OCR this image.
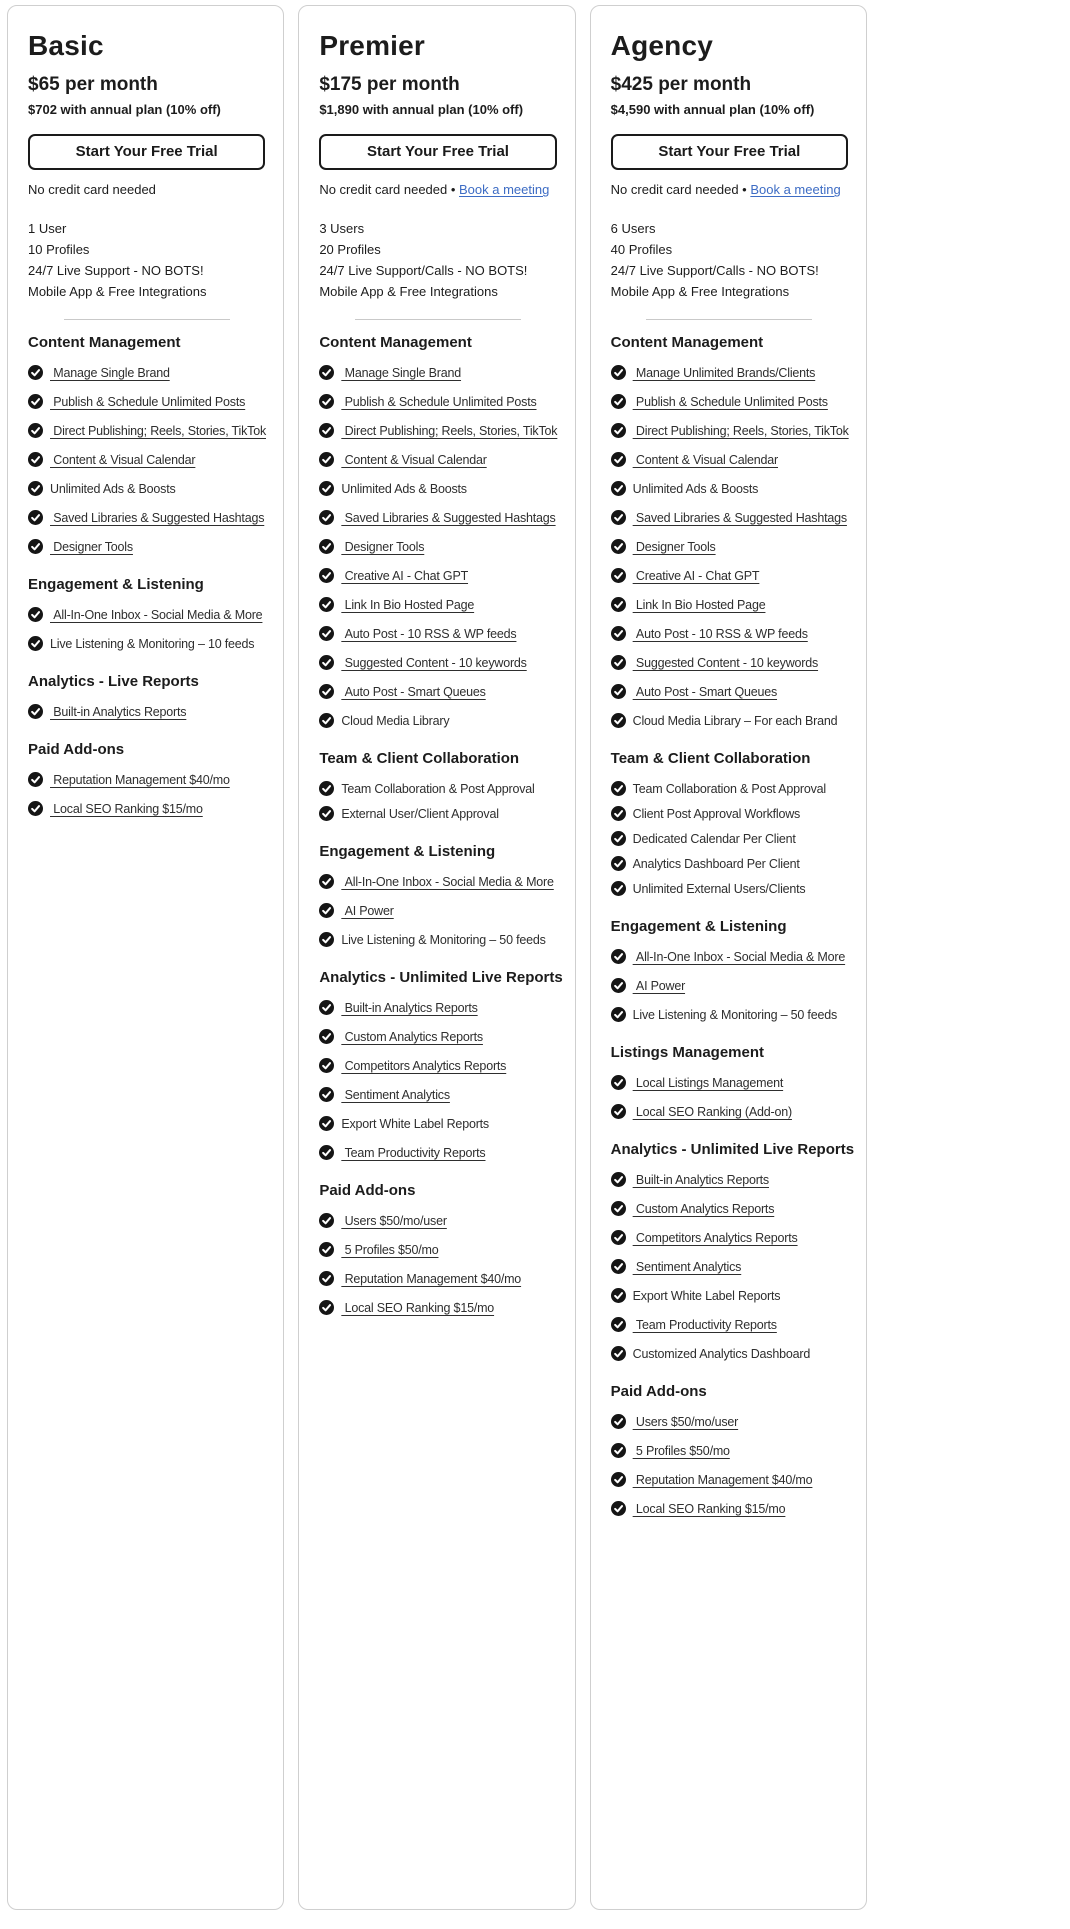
Basic
$65 per month
$702 with annual plan (10% off)
Start Your Free Trial
No credit card needed
1 User
10 Profiles
24/7 Live Support - NO BOTS!
Mobile App & Free Integrations
Content Management
Manage Single Brand
Publish & Schedule Unlimited Posts
Direct Publishing; Reels, Stories, TikTok
Content & Visual Calendar
Unlimited Ads & Boosts
Saved Libraries & Suggested Hashtags
Designer Tools
Engagement & Listening
All-In-One Inbox - Social Media & More
Live Listening & Monitoring – 10 feeds
Analytics - Live Reports
Built-in Analytics Reports
Paid Add-ons
Reputation Management $40/mo
Local SEO Ranking $15/mo
Premier
$175 per month
$1,890 with annual plan (10% off)
Start Your Free Trial
No credit card needed • Book a meeting
3 Users
20 Profiles
24/7 Live Support/Calls - NO BOTS!
Mobile App & Free Integrations
Content Management
Manage Single Brand
Publish & Schedule Unlimited Posts
Direct Publishing; Reels, Stories, TikTok
Content & Visual Calendar
Unlimited Ads & Boosts
Saved Libraries & Suggested Hashtags
Designer Tools
Creative AI - Chat GPT
Link In Bio Hosted Page
Auto Post - 10 RSS & WP feeds
Suggested Content - 10 keywords
Auto Post - Smart Queues
Cloud Media Library
Team & Client Collaboration
Team Collaboration & Post Approval
External User/Client Approval
Engagement & Listening
All-In-One Inbox - Social Media & More
AI Power
Live Listening & Monitoring – 50 feeds
Analytics - Unlimited Live Reports
Built-in Analytics Reports
Custom Analytics Reports
Competitors Analytics Reports
Sentiment Analytics
Export White Label Reports
Team Productivity Reports
Paid Add-ons
Users $50/mo/user
5 Profiles $50/mo
Reputation Management $40/mo
Local SEO Ranking $15/mo
Agency
$425 per month
$4,590 with annual plan (10% off)
Start Your Free Trial
No credit card needed • Book a meeting
6 Users
40 Profiles
24/7 Live Support/Calls - NO BOTS!
Mobile App & Free Integrations
Content Management
Manage Unlimited Brands/Clients
Publish & Schedule Unlimited Posts
Direct Publishing; Reels, Stories, TikTok
Content & Visual Calendar
Unlimited Ads & Boosts
Saved Libraries & Suggested Hashtags
Designer Tools
Creative AI - Chat GPT
Link In Bio Hosted Page
Auto Post - 10 RSS & WP feeds
Suggested Content - 10 keywords
Auto Post - Smart Queues
Cloud Media Library – For each Brand
Team & Client Collaboration
Team Collaboration & Post Approval
Client Post Approval Workflows
Dedicated Calendar Per Client
Analytics Dashboard Per Client
Unlimited External Users/Clients
Engagement & Listening
All-In-One Inbox - Social Media & More
AI Power
Live Listening & Monitoring – 50 feeds
Listings Management
Local Listings Management
Local SEO Ranking (Add-on)
Analytics - Unlimited Live Reports
Built-in Analytics Reports
Custom Analytics Reports
Competitors Analytics Reports
Sentiment Analytics
Export White Label Reports
Team Productivity Reports
Customized Analytics Dashboard
Paid Add-ons
Users $50/mo/user
5 Profiles $50/mo
Reputation Management $40/mo
Local SEO Ranking $15/mo
